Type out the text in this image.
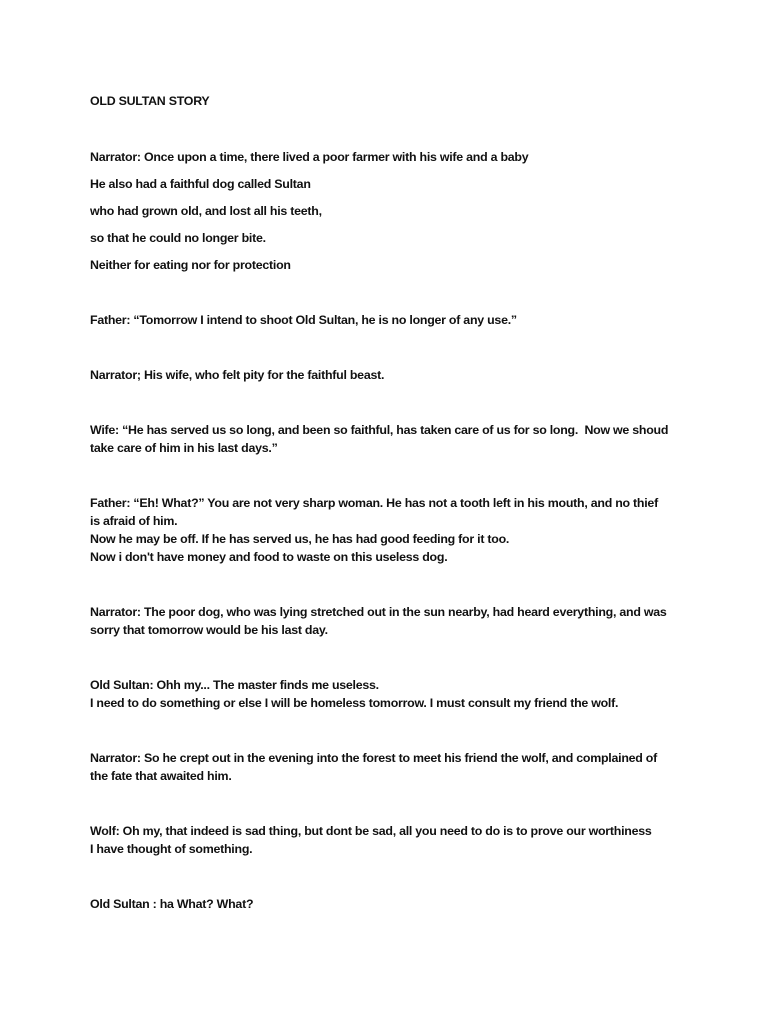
OLD SULTAN STORY

Narrator: Once upon a time, there lived a poor farmer with his wife and a baby

He also had a faithful dog called Sultan

who had grown old, and lost all his teeth,

so that he could no longer bite.

Neither for eating nor for protection

Father: “Tomorrow I intend to shoot Old Sultan, he is no longer of any use.”

Narrator; His wife, who felt pity for the faithful beast.

Wife: “He has served us so long, and been so faithful, has taken care of us for so long.  Now we shoud

take care of him in his last days.”

Father: “Eh! What?” You are not very sharp woman. He has not a tooth left in his mouth, and no thief

is afraid of him.

Now he may be off. If he has served us, he has had good feeding for it too.

Now i don't have money and food to waste on this useless dog.

Narrator: The poor dog, who was lying stretched out in the sun nearby, had heard everything, and was

sorry that tomorrow would be his last day.

Old Sultan: Ohh my... The master finds me useless.

I need to do something or else I will be homeless tomorrow. I must consult my friend the wolf.

Narrator: So he crept out in the evening into the forest to meet his friend the wolf, and complained of

the fate that awaited him.

Wolf: Oh my, that indeed is sad thing, but dont be sad, all you need to do is to prove our worthiness

I have thought of something.

Old Sultan : ha What? What?
